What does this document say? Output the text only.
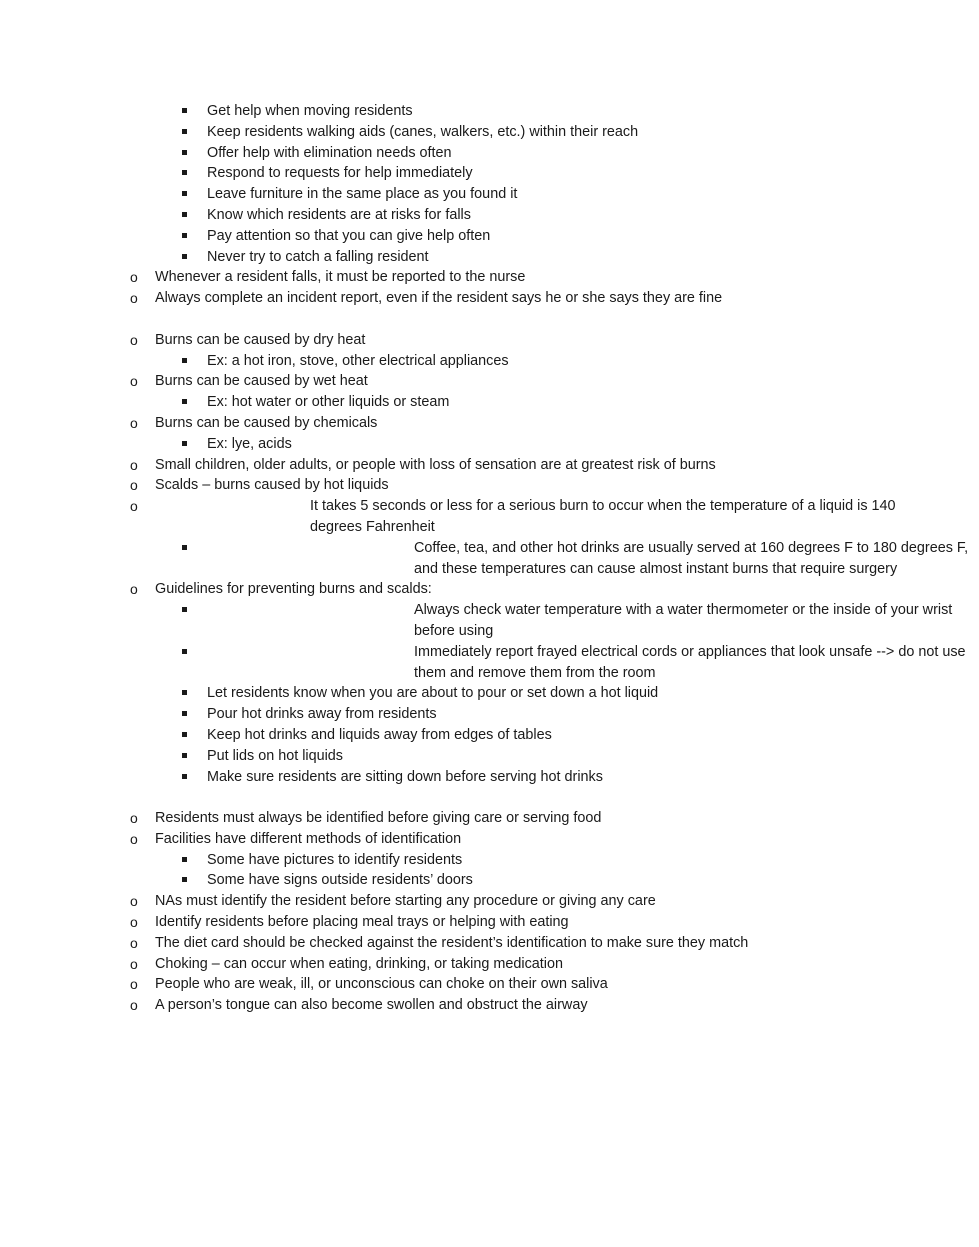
Get help when moving residents
Keep residents walking aids (canes, walkers, etc.) within their reach
Offer help with elimination needs often
Respond to requests for help immediately
Leave furniture in the same place as you found it
Know which residents are at risks for falls
Pay attention so that you can give help often
Never try to catch a falling resident
o Whenever a resident falls, it must be reported to the nurse
o Always complete an incident report, even if the resident says he or she says they are fine
o Burns can be caused by dry heat
Ex: a hot iron, stove, other electrical appliances
o Burns can be caused by wet heat
Ex: hot water or other liquids or steam
o Burns can be caused by chemicals
Ex: lye, acids
o Small children, older adults, or people with loss of sensation are at greatest risk of burns
o Scalds – burns caused by hot liquids
o	It takes 5 seconds or less for a serious burn to occur when the temperature of a liquid is 140 degrees Fahrenheit
Coffee, tea, and other hot drinks are usually served at 160 degrees F to 180 degrees F, and these temperatures can cause almost instant burns that require surgery
o Guidelines for preventing burns and scalds:
Always check water temperature with a water thermometer or the inside of your wrist before using
Immediately report frayed electrical cords or appliances that look unsafe --> do not use them and remove them from the room
Let residents know when you are about to pour or set down a hot liquid
Pour hot drinks away from residents
Keep hot drinks and liquids away from edges of tables
Put lids on hot liquids
Make sure residents are sitting down before serving hot drinks
o Residents must always be identified before giving care or serving food
o Facilities have different methods of identification
Some have pictures to identify residents
Some have signs outside residents’ doors
o NAs must identify the resident before starting any procedure or giving any care
o Identify residents before placing meal trays or helping with eating
o The diet card should be checked against the resident’s identification to make sure they match
o Choking – can occur when eating, drinking, or taking medication
o People who are weak, ill, or unconscious can choke on their own saliva
o A person’s tongue can also become swollen and obstruct the airway
